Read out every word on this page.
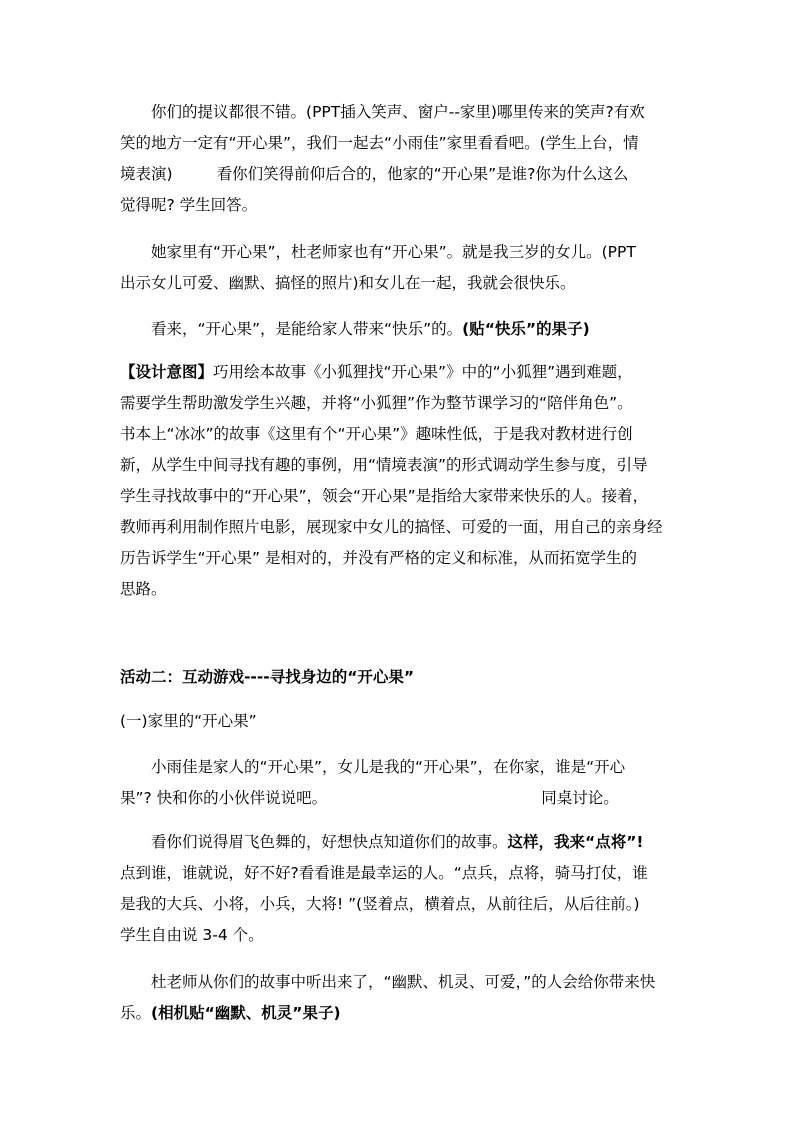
你们的提议都很不错。(PPT插入笑声、窗户--家里)哪里传来的笑声?有欢
笑的地方一定有“开心果”，我们一起去“小雨佳”家里看看吧。(学生上台，情
境表演)	看你们笑得前仰后合的，他家的“开心果”是谁?你为什么这么
觉得呢? 学生回答。
她家里有“开心果”，杜老师家也有“开心果”。就是我三岁的女儿。(PPT
出示女儿可爱、幽默、搞怪的照片)和女儿在一起，我就会很快乐。
看来，“开心果”，是能给家人带来“快乐”的。(贴“快乐”的果子)
【设计意图】巧用绘本故事《小狐狸找“开心果”》中的“小狐狸”遇到难题，
需要学生帮助激发学生兴趣，并将“小狐狸”作为整节课学习的“陪伴角色”。
书本上“冰冰”的故事《这里有个“开心果”》趣味性低，于是我对教材进行创
新，从学生中间寻找有趣的事例，用“情境表演”的形式调动学生参与度，引导
学生寻找故事中的“开心果”，领会“开心果”是指给大家带来快乐的人。接着，
教师再利用制作照片电影，展现家中女儿的搞怪、可爱的一面，用自己的亲身经
历告诉学生“开心果” 是相对的，并没有严格的定义和标准，从而拓宽学生的
思路。
活动二：互动游戏----寻找身边的“开心果”
(一)家里的“开心果”
小雨佳是家人的“开心果”，女儿是我的“开心果”，在你家，谁是“开心
果”? 快和你的小伙伴说说吧。	同桌讨论。
看你们说得眉飞色舞的，好想快点知道你们的故事。这样，我来“点将”!
点到谁，谁就说，好不好?看看谁是最幸运的人。“点兵，点将，骑马打仗，谁
是我的大兵、小将，小兵，大将! ”(竖着点，横着点，从前往后，从后往前。)
学生自由说 3-4 个。
杜老师从你们的故事中听出来了，“幽默、机灵、可爱，”的人会给你带来快
乐。(相机贴“幽默、机灵”果子)
